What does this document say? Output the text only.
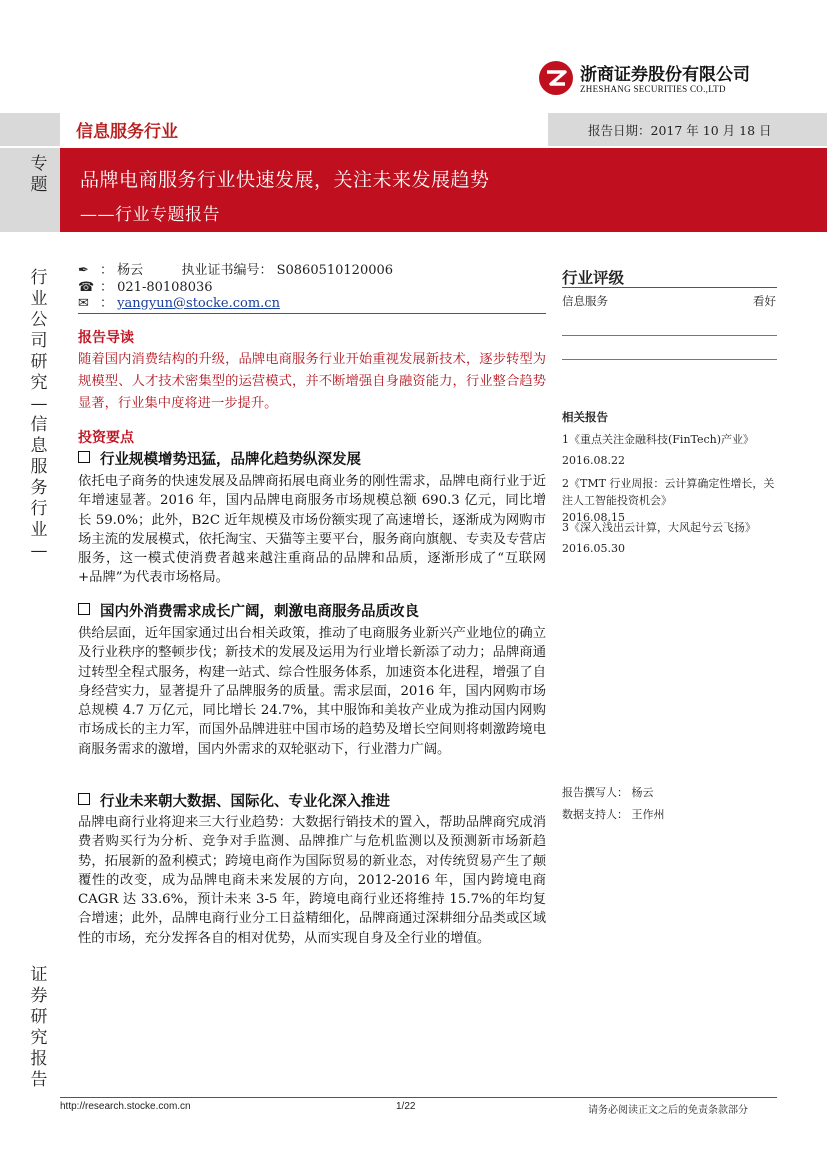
浙商证券股份有限公司
ZHESHANG SECURITIES CO.,LTD
信息服务行业	报告日期：2017 年 10 月 18 日
品牌电商服务行业快速发展，关注未来发展趋势
——行业专题报告
专题
行业公司研究—信息服务行业—
证券研究报告
✒ ： 杨云	执业证书编号： S0860510120006
☎ ： 021-80108036
✉ ： yangyun@stocke.com.cn
报告导读
随着国内消费结构的升级，品牌电商服务行业开始重视发展新技术，逐步转型为规模型、人才技术密集型的运营模式，并不断增强自身融资能力，行业整合趋势显著，行业集中度将进一步提升。
投资要点
行业规模增势迅猛，品牌化趋势纵深发展
依托电子商务的快速发展及品牌商拓展电商业务的刚性需求，品牌电商行业于近年增速显著。2016 年，国内品牌电商服务市场规模总额 690.3 亿元，同比增长 59.0%；此外，B2C 近年规模及市场份额实现了高速增长，逐渐成为网购市场主流的发展模式，依托淘宝、天猫等主要平台，服务商向旗舰、专卖及专营店服务，这一模式使消费者越来越注重商品的品牌和品质，逐渐形成了“互联网+品牌”为代表市场格局。
国内外消费需求成长广阔，刺激电商服务品质改良
供给层面，近年国家通过出台相关政策，推动了电商服务业新兴产业地位的确立及行业秩序的整顿步伐；新技术的发展及运用为行业增长新添了动力；品牌商通过转型全程式服务，构建一站式、综合性服务体系，加速资本化进程，增强了自身经营实力，显著提升了品牌服务的质量。需求层面，2016 年，国内网购市场总规模 4.7 万亿元，同比增长 24.7%，其中服饰和美妆产业成为推动国内网购市场成长的主力军，而国外品牌进驻中国市场的趋势及增长空间则将刺激跨境电商服务需求的激增，国内外需求的双轮驱动下，行业潜力广阔。
行业未来朝大数据、国际化、专业化深入推进
品牌电商行业将迎来三大行业趋势：大数据行销技术的置入，帮助品牌商究成消费者购买行为分析、竞争对手监测、品牌推广与危机监测以及预测新市场新趋势，拓展新的盈利模式；跨境电商作为国际贸易的新业态，对传统贸易产生了颠覆性的改变，成为品牌电商未来发展的方向，2012-2016 年，国内跨境电商 CAGR 达 33.6%，预计未来 3-5 年，跨境电商行业还将维持 15.7%的年均复合增速；此外，品牌电商行业分工日益精细化，品牌商通过深耕细分品类或区域性的市场，充分发挥各自的相对优势，从而实现自身及全行业的增值。
行业评级
信息服务	看好
相关报告
1《重点关注金融科技(FinTech)产业》
2016.08.22
2《TMT 行业周报：云计算确定性增长，关注人工智能投资机会》
2016.08.15
3《深入浅出云计算，大风起兮云飞扬》
2016.05.30
报告撰写人： 杨云
数据支持人： 王作州
http://research.stocke.com.cn	1/22	请务必阅读正文之后的免责条款部分
